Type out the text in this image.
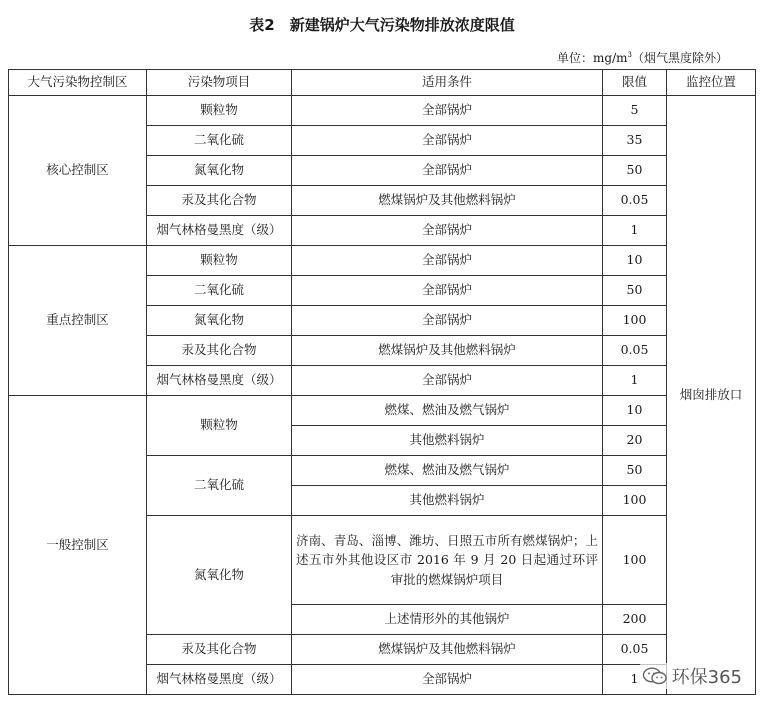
表2　新建锅炉大气污染物排放浓度限值
单位：$mg/m^3$（烟气黑度除外）
大气污染物控制区	污染物项目	适用条件	限值	监控位置
核心控制区	颗粒物	全部锅炉	5	烟囱排放口
	二氧化硫	全部锅炉	35	
	氮氧化物	全部锅炉	50	
	汞及其化合物	燃煤锅炉及其他燃料锅炉	0.05	
	烟气林格曼黑度（级）	全部锅炉	1	
重点控制区	颗粒物	全部锅炉	10	
	二氧化硫	全部锅炉	50	
	氮氧化物	全部锅炉	100	
	汞及其化合物	燃煤锅炉及其他燃料锅炉	0.05	
	烟气林格曼黑度（级）	全部锅炉	1	
一般控制区	颗粒物	燃煤、燃油及燃气锅炉	10	
		其他燃料锅炉	20	
	二氧化硫	燃煤、燃油及燃气锅炉	50	
		其他燃料锅炉	100	
	氮氧化物	济南、青岛、淄博、潍坊、日照五市所有燃煤锅炉；上述五市外其他设区市 2016 年 9 月 20 日起通过环评审批的燃煤锅炉项目	100	
		上述情形外的其他锅炉	200	
	汞及其化合物	燃煤锅炉及其他燃料锅炉	0.05	
	烟气林格曼黑度（级）	全部锅炉	1	环保365
